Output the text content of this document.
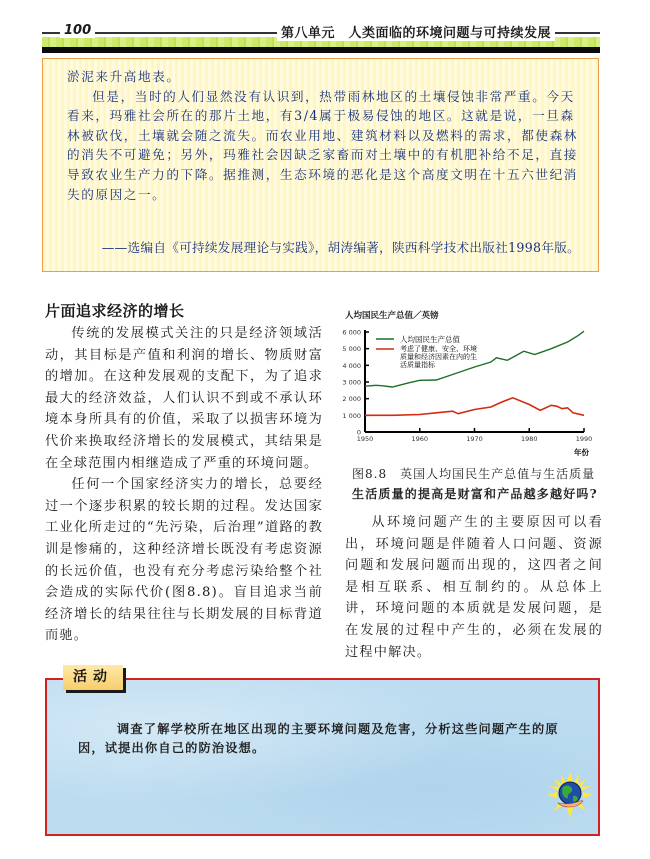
100	第八单元　人类面临的环境问题与可持续发展

淤泥来升高地表。

但是，当时的人们显然没有认识到，热带雨林地区的土壤侵蚀非常严重。今天看来，玛雅社会所在的那片土地，有3/4属于极易侵蚀的地区。这就是说，一旦森林被砍伐，土壤就会随之流失。而农业用地、建筑材料以及燃料的需求，都使森林的消失不可避免；另外，玛雅社会因缺乏家畜而对土壤中的有机肥补给不足，直接导致农业生产力的下降。据推测，生态环境的恶化是这个高度文明在十五六世纪消失的原因之一。

——选编自《可持续发展理论与实践》，胡涛编著，陕西科学技术出版社1998年版。
片面追求经济的增长

传统的发展模式关注的只是经济领域活动，其目标是产值和利润的增长、物质财富的增加。在这种发展观的支配下，为了追求最大的经济效益，人们认识不到或不承认环境本身所具有的价值，采取了以损害环境为代价来换取经济增长的发展模式，其结果是在全球范围内相继造成了严重的环境问题。

任何一个国家经济实力的增长，总要经过一个逐步积累的较长期的过程。发达国家工业化所走过的“先污染，后治理”道路的教训是惨痛的，这种经济增长既没有考虑资源的长远价值，也没有充分考虑污染给整个社会造成的实际代价(图8.8)。盲目追求当前经济增长的结果往往与长期发展的目标背道而驰。

从环境问题产生的主要原因可以看出，环境问题是伴随着人口问题、资源问题和发展问题而出现的，这四者之间是相互联系、相互制约的。从总体上讲，环境问题的本质就是发展问题，是在发展的过程中产生的，必须在发展的过程中解决。

人均国民生产总值／英镑
0
1 000
2 000
3 000
4 000
5 000
6 000
1950	1960	1970	1980	1990
人均国民生产总值
考虑了健康、安全、环境 质量和经济因素在内的生 活质量指标
年份
图8.8　英国人均国民生产总值与生活质量
生活质量的提高是财富和产品越多越好吗?
活动

调查了解学校所在地区出现的主要环境问题及危害，分析这些问题产生的原因，试提出你自己的防治设想。
